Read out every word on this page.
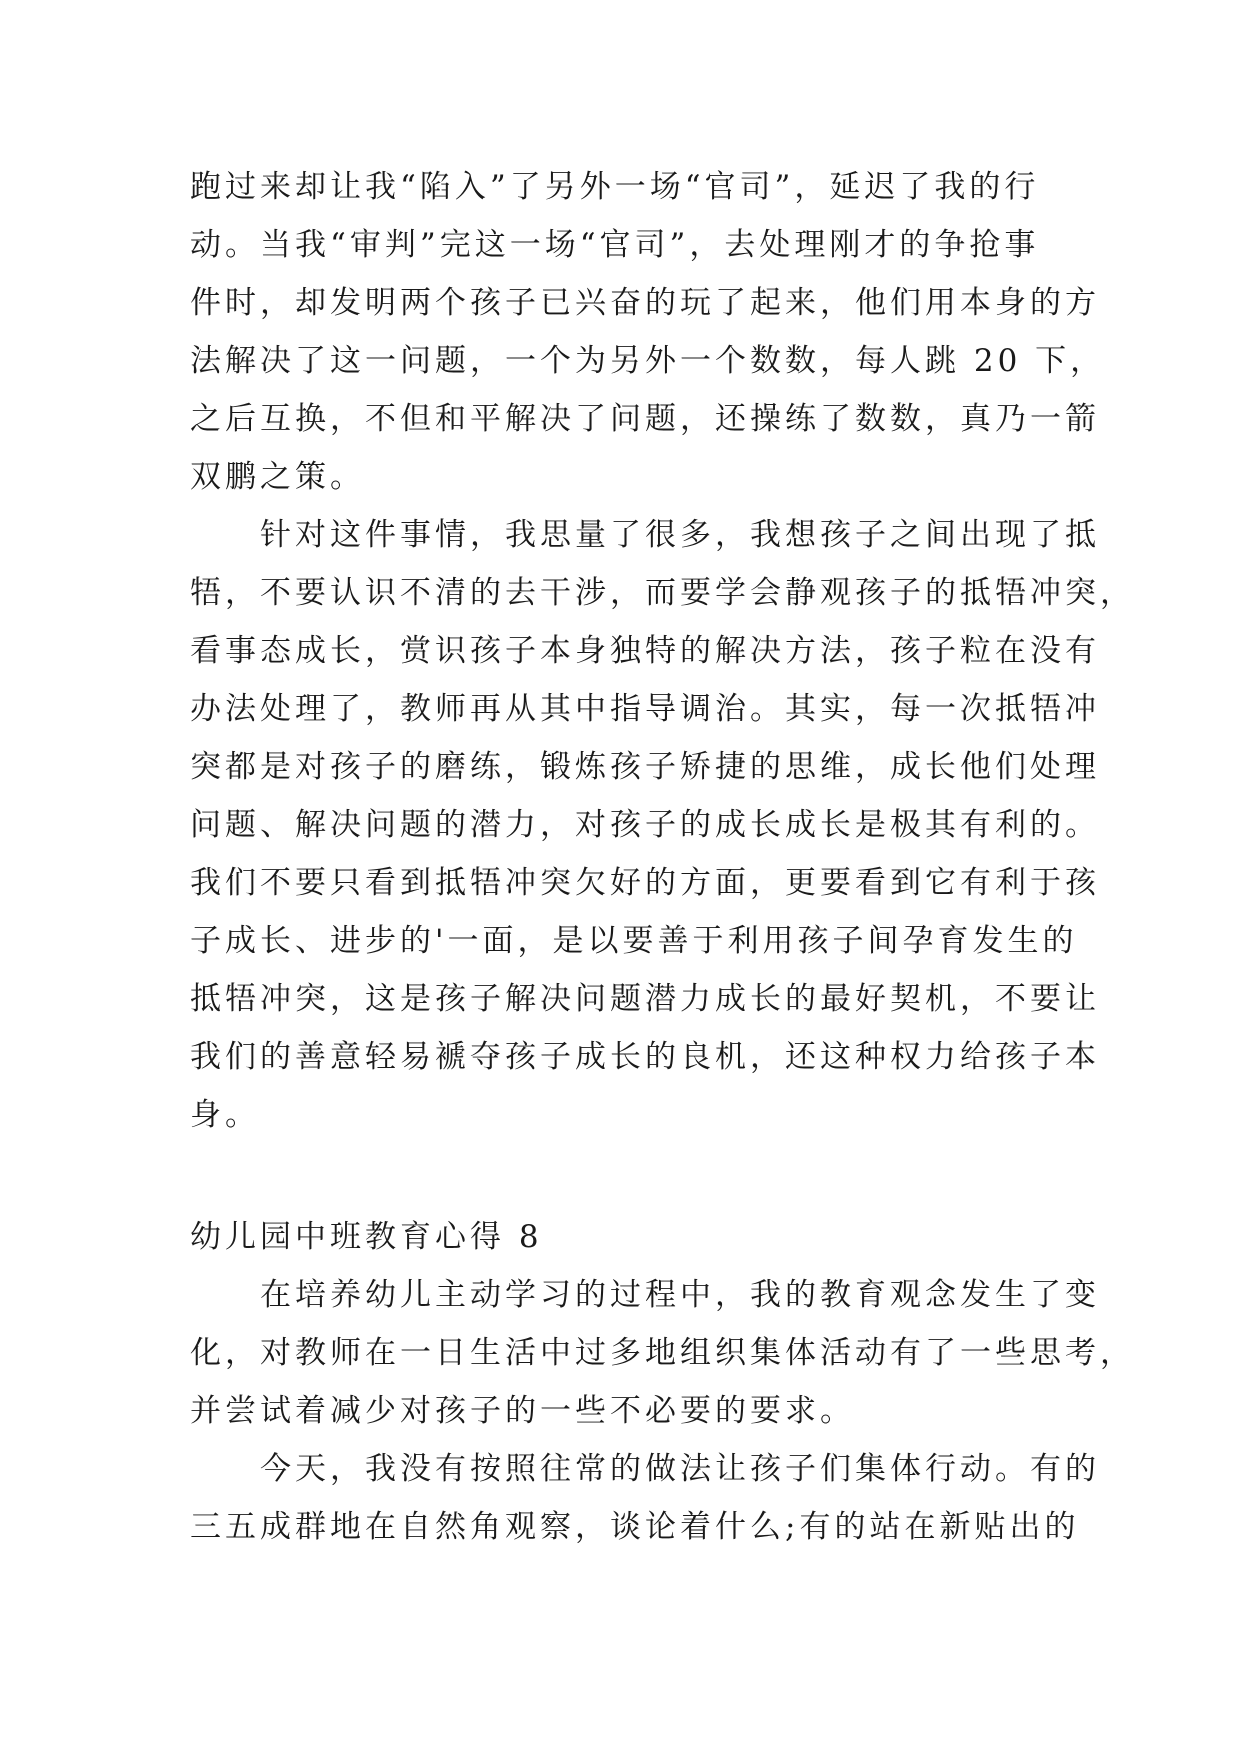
跑过来却让我“陷入”了另外一场“官司”，延迟了我的行
动。当我“审判”完这一场“官司”，去处理刚才的争抢事
件时，却发明两个孩子已兴奋的玩了起来，他们用本身的方
法解决了这一问题，一个为另外一个数数，每人跳 20 下，
之后互换，不但和平解决了问题，还操练了数数，真乃一箭
双鹏之策。
　　针对这件事情，我思量了很多，我想孩子之间出现了抵
牾，不要认识不清的去干涉，而要学会静观孩子的抵牾冲突，
看事态成长，赏识孩子本身独特的解决方法，孩子粒在没有
办法处理了，教师再从其中指导调治。其实，每一次抵牾冲
突都是对孩子的磨练，锻炼孩子矫捷的思维，成长他们处理
问题、解决问题的潜力，对孩子的成长成长是极其有利的。
我们不要只看到抵牾冲突欠好的方面，更要看到它有利于孩
子成长、进步的'一面，是以要善于利用孩子间孕育发生的
抵牾冲突，这是孩子解决问题潜力成长的最好契机，不要让
我们的善意轻易褫夺孩子成长的良机，还这种权力给孩子本
身。
幼儿园中班教育心得 8
　　在培养幼儿主动学习的过程中，我的教育观念发生了变
化，对教师在一日生活中过多地组织集体活动有了一些思考，
并尝试着减少对孩子的一些不必要的要求。
　　今天，我没有按照往常的做法让孩子们集体行动。有的
三五成群地在自然角观察，谈论着什么;有的站在新贴出的
